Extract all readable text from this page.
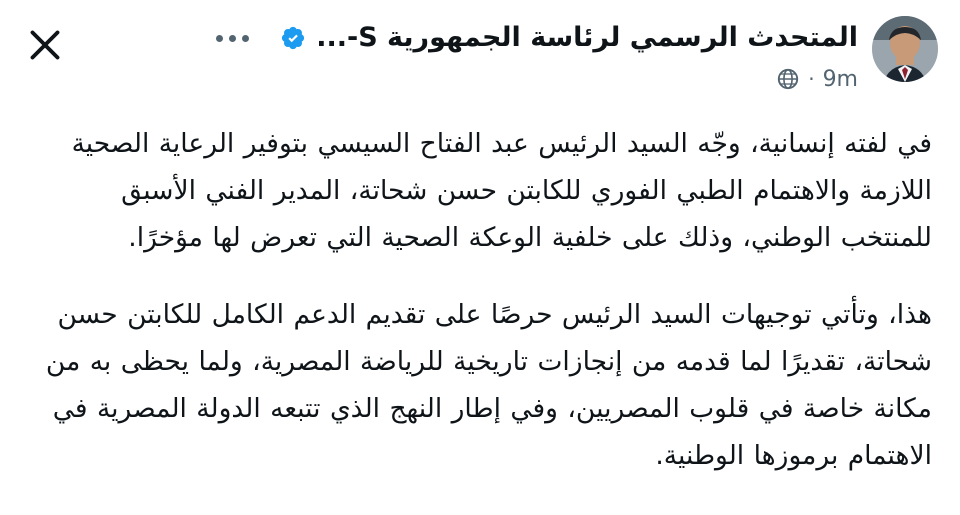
المتحدث الرسمي لرئاسة الجمهورية S-...
9m
·

في لفته إنسانية، وجّه السيد الرئيس عبد الفتاح السيسي بتوفير الرعاية الصحية اللازمة والاهتمام الطبي الفوري للكابتن حسن شحاتة، المدير الفني الأسبق للمنتخب الوطني، وذلك على خلفية الوعكة الصحية التي تعرض لها مؤخرًا.

هذا، وتأتي توجيهات السيد الرئيس حرصًا على تقديم الدعم الكامل للكابتن حسن شحاتة، تقديرًا لما قدمه من إنجازات تاريخية للرياضة المصرية، ولما يحظى به من مكانة خاصة في قلوب المصريين، وفي إطار النهج الذي تتبعه الدولة المصرية في الاهتمام برموزها الوطنية.
